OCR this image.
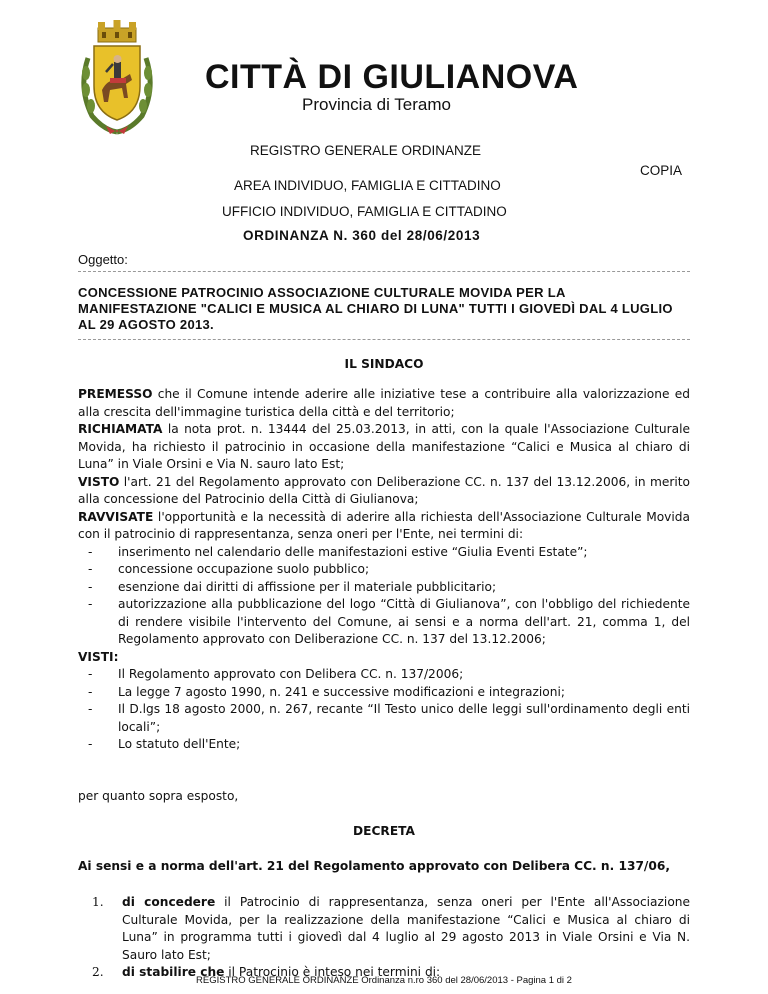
CITTÀ DI GIULIANOVA
Provincia di Teramo
REGISTRO GENERALE ORDINANZE
COPIA
AREA INDIVIDUO, FAMIGLIA E CITTADINO
UFFICIO INDIVIDUO, FAMIGLIA E CITTADINO
ORDINANZA N. 360 del 28/06/2013
Oggetto:
CONCESSIONE PATROCINIO ASSOCIAZIONE CULTURALE MOVIDA PER LA MANIFESTAZIONE "CALICI E MUSICA AL CHIARO DI LUNA" TUTTI I GIOVEDÌ DAL 4 LUGLIO AL 29 AGOSTO 2013.
IL SINDACO

PREMESSO che il Comune intende aderire alle iniziative tese a contribuire alla valorizzazione ed alla crescita dell'immagine turistica della città e del territorio;

RICHIAMATA la nota prot. n. 13444 del 25.03.2013, in atti, con la quale l'Associazione Culturale Movida, ha richiesto il patrocinio in occasione della manifestazione “Calici e Musica al chiaro di Luna” in Viale Orsini e Via N. sauro lato Est;

VISTO l'art. 21 del Regolamento approvato con Deliberazione CC. n. 137 del 13.12.2006, in merito alla concessione del Patrocinio della Città di Giulianova;

RAVVISATE l'opportunità e la necessità di aderire alla richiesta dell'Associazione Culturale Movida con il patrocinio di rappresentanza, senza oneri per l'Ente, nei termini di:

- inserimento nel calendario delle manifestazioni estive “Giulia Eventi Estate”;
- concessione occupazione suolo pubblico;
- esenzione dai diritti di affissione per il materiale pubblicitario;
- autorizzazione alla pubblicazione del logo “Città di Giulianova”, con l'obbligo del richiedente di rendere visibile l'intervento del Comune, ai sensi e a norma dell'art. 21, comma 1, del Regolamento approvato con Deliberazione CC. n. 137 del 13.12.2006;

VISTI:

- Il Regolamento approvato con Delibera CC. n. 137/2006;
- La legge 7 agosto 1990, n. 241 e successive modificazioni e integrazioni;
- Il D.lgs 18 agosto 2000, n. 267, recante “Il Testo unico delle leggi sull'ordinamento degli enti locali”;
- Lo statuto dell'Ente;
per quanto sopra esposto,
DECRETA
Ai sensi e a norma dell'art. 21 del Regolamento approvato con Delibera CC. n. 137/06,
1. di concedere il Patrocinio di rappresentanza, senza oneri per l'Ente all'Associazione Culturale Movida, per la realizzazione della manifestazione “Calici e Musica al chiaro di Luna” in programma tutti i giovedì dal 4 luglio al 29 agosto 2013 in Viale Orsini e Via N. Sauro lato Est;
2. di stabilire che il Patrocinio è inteso nei termini di:
REGISTRO GENERALE ORDINANZE Ordinanza n.ro 360 del 28/06/2013 - Pagina 1 di 2
